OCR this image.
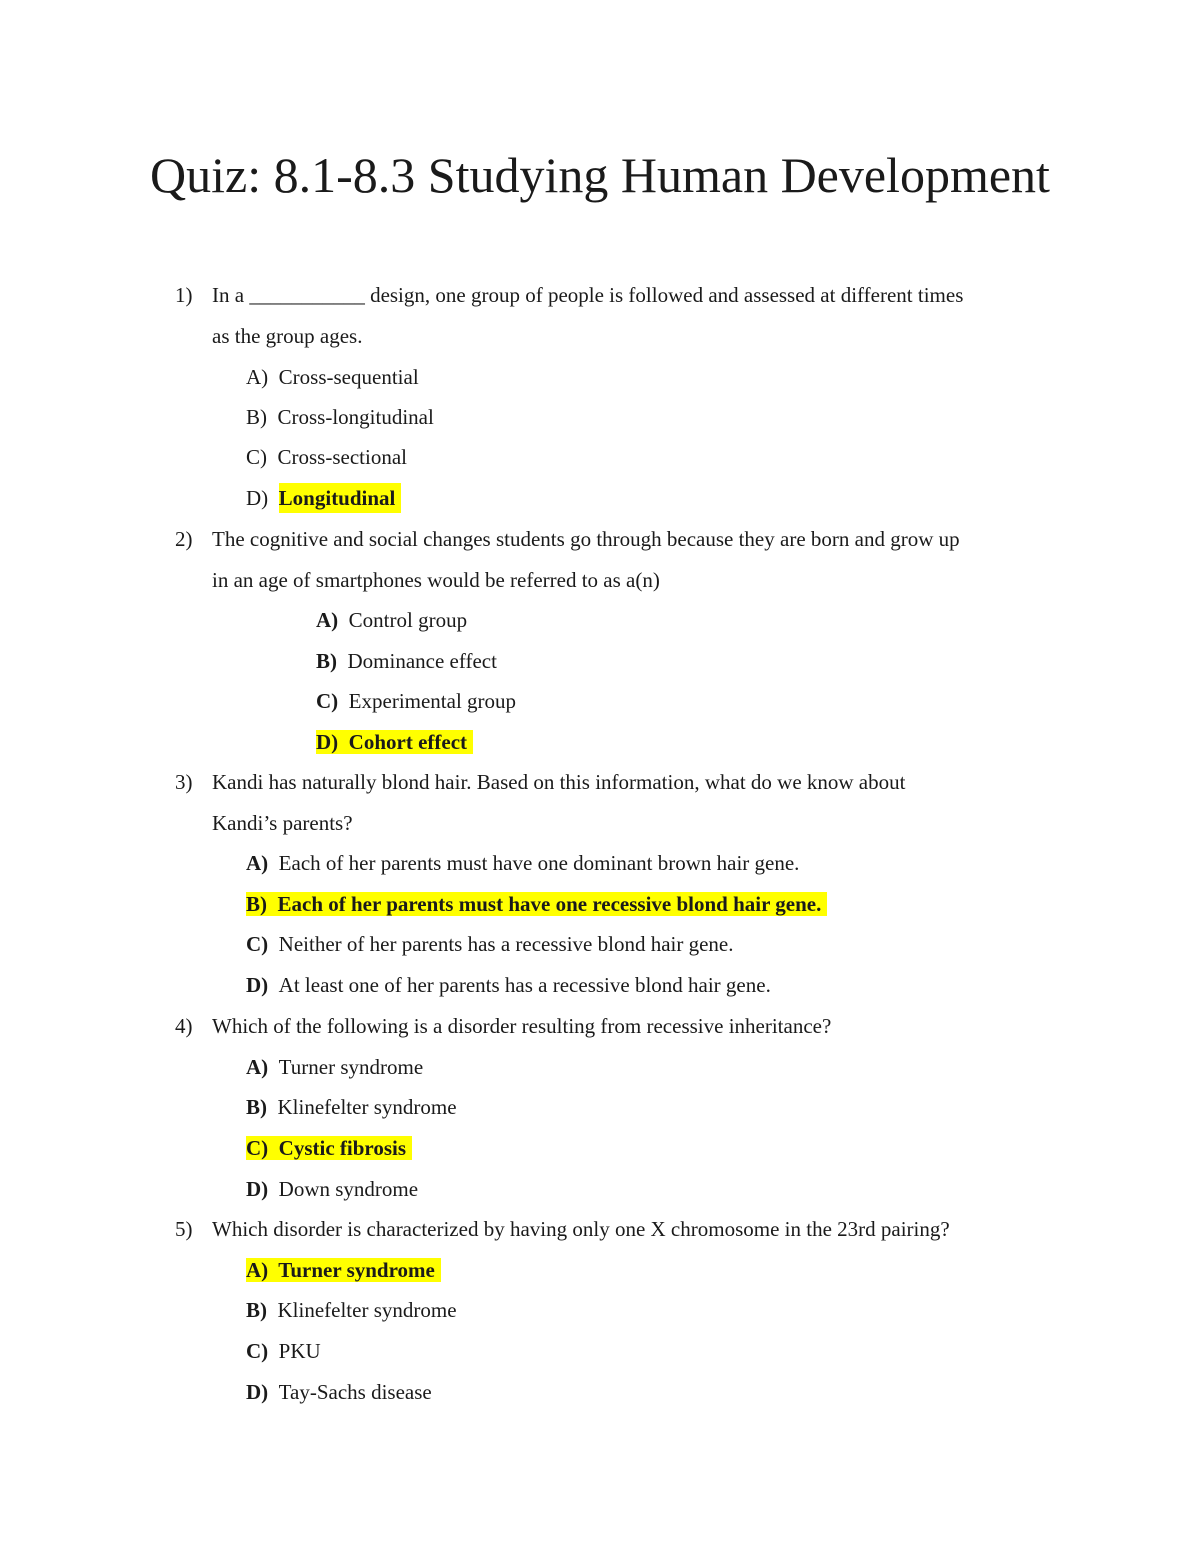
Quiz: 8.1-8.3 Studying Human Development
1) In a ___________ design, one group of people is followed and assessed at different times
as the group ages.
A) Cross-sequential
B) Cross-longitudinal
C) Cross-sectional
D) Longitudinal
2) The cognitive and social changes students go through because they are born and grow up
in an age of smartphones would be referred to as a(n)
A) Control group
B) Dominance effect
C) Experimental group
D) Cohort effect
3) Kandi has naturally blond hair. Based on this information, what do we know about
Kandi’s parents?
A) Each of her parents must have one dominant brown hair gene.
B) Each of her parents must have one recessive blond hair gene.
C) Neither of her parents has a recessive blond hair gene.
D) At least one of her parents has a recessive blond hair gene.
4) Which of the following is a disorder resulting from recessive inheritance?
A) Turner syndrome
B) Klinefelter syndrome
C) Cystic fibrosis
D) Down syndrome
5) Which disorder is characterized by having only one X chromosome in the 23rd pairing?
A) Turner syndrome
B) Klinefelter syndrome
C) PKU
D) Tay-Sachs disease
